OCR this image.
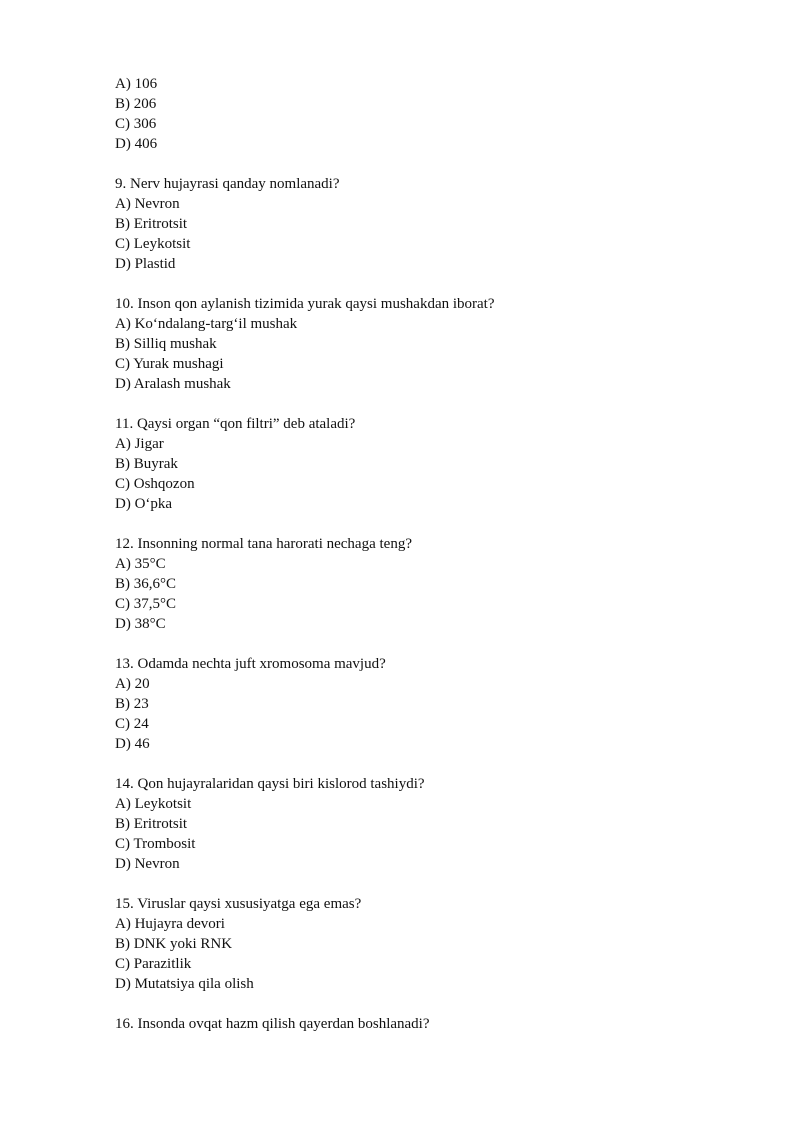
A) 106
B) 206
C) 306
D) 406
9. Nerv hujayrasi qanday nomlanadi?
A) Nevron
B) Eritrotsit
C) Leykotsit
D) Plastid
10. Inson qon aylanish tizimida yurak qaysi mushakdan iborat?
A) Koʻndalang-targʻil mushak
B) Silliq mushak
C) Yurak mushagi
D) Aralash mushak
11. Qaysi organ “qon filtri” deb ataladi?
A) Jigar
B) Buyrak
C) Oshqozon
D) Oʻpka
12. Insonning normal tana harorati nechaga teng?
A) 35°C
B) 36,6°C
C) 37,5°C
D) 38°C
13. Odamda nechta juft xromosoma mavjud?
A) 20
B) 23
C) 24
D) 46
14. Qon hujayralaridan qaysi biri kislorod tashiydi?
A) Leykotsit
B) Eritrotsit
C) Trombosit
D) Nevron
15. Viruslar qaysi xususiyatga ega emas?
A) Hujayra devori
B) DNK yoki RNK
C) Parazitlik
D) Mutatsiya qila olish
16. Insonda ovqat hazm qilish qayerdan boshlanadi?
